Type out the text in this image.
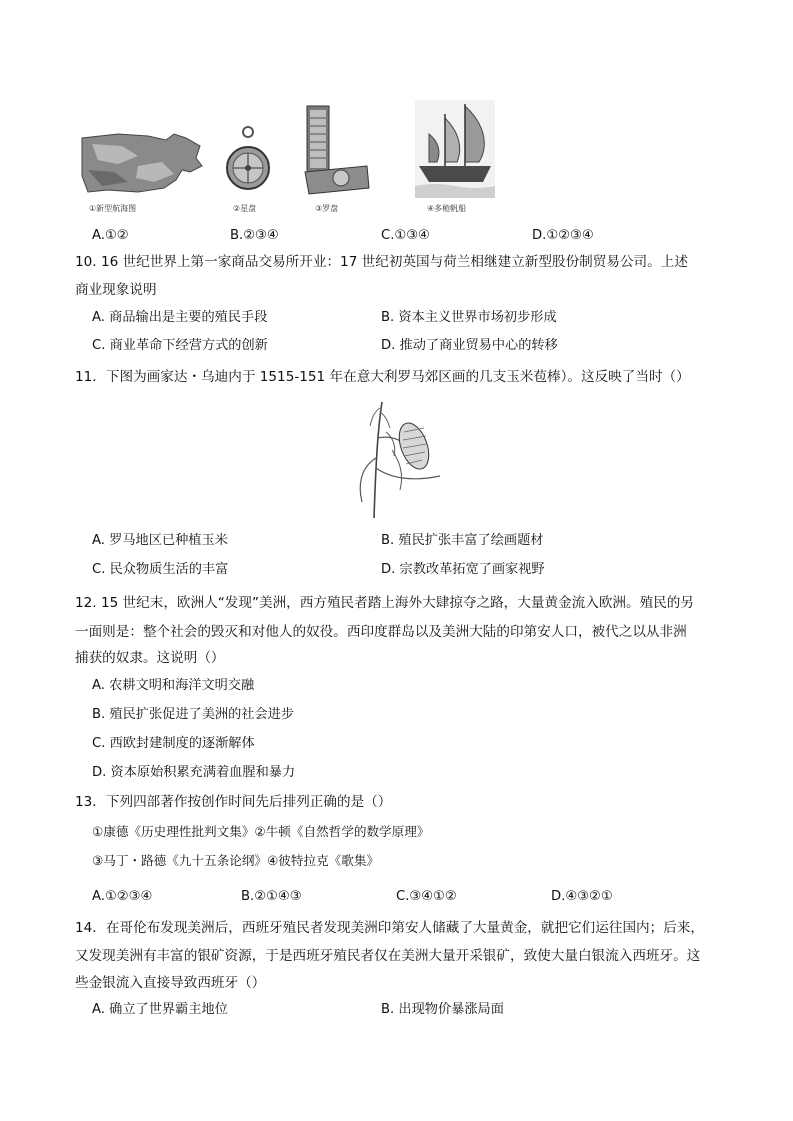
①新型航海图	②星盘	③罗盘	④多桅帆船
A.①②	B.②③④	C.①③④	D.①②③④
10. 16 世纪世界上第一家商品交易所开业：17 世纪初英国与荷兰相继建立新型股份制贸易公司。上述
商业现象说明
A. 商品输出是主要的殖民手段	B. 资本主义世界市场初步形成
C. 商业革命下经营方式的创新	D. 推动了商业贸易中心的转移
11．下图为画家达・乌迪内于 1515-151 年在意大利罗马郊区画的几支玉米苞棒）。这反映了当时（）
A. 罗马地区已种植玉米	B. 殖民扩张丰富了绘画题材
C. 民众物质生活的丰富	D. 宗教改革拓宽了画家视野
12. 15 世纪末，欧洲人“发现”美洲，西方殖民者踏上海外大肆掠夺之路，大量黄金流入欧洲。殖民的另
一面则是：整个社会的毁灭和对他人的奴役。西印度群岛以及美洲大陆的印第安人口，被代之以从非洲
捕获的奴隶。这说明（）
A. 农耕文明和海洋文明交融
B. 殖民扩张促进了美洲的社会进步
C. 西欧封建制度的逐渐解体
D. 资本原始积累充满着血腥和暴力
13．下列四部著作按创作时间先后排列正确的是（）
①康德《历史理性批判文集》②牛顿《自然哲学的数学原理》
③马丁・路德《九十五条论纲》④彼特拉克《歌集》
A.①②③④	B.②①④③	C.③④①②	D.④③②①
14．在哥伦布发现美洲后，西班牙殖民者发现美洲印第安人储藏了大量黄金，就把它们运往国内；后来，
又发现美洲有丰富的银矿资源，于是西班牙殖民者仅在美洲大量开采银矿，致使大量白银流入西班牙。这
些金银流入直接导致西班牙（）
A. 确立了世界霸主地位	B. 出现物价暴涨局面
